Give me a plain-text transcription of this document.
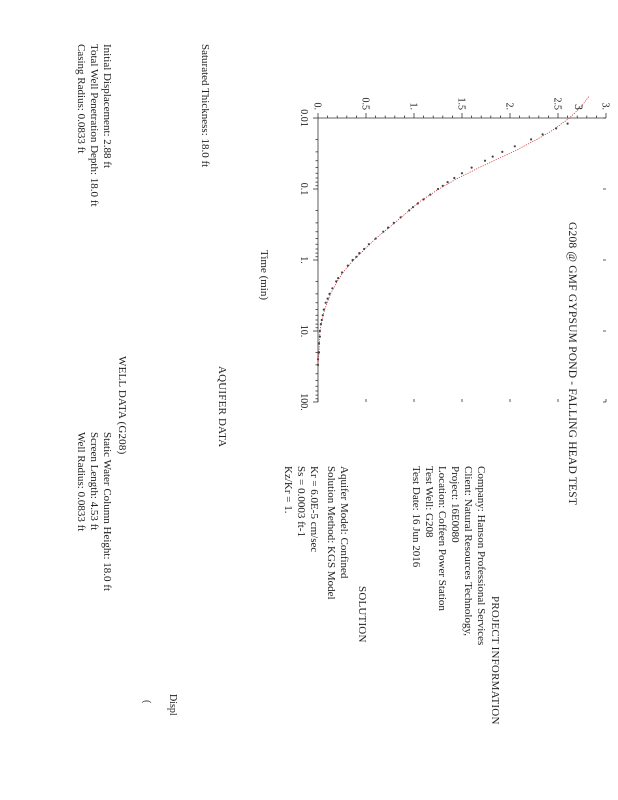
G208 @ GMF GYPSUM POND - FALLING HEAD TEST
3
0.01
0.1
1.
10.
100.
0.	0.5	1.	1.5	2.	2.5	3.
Time (min)
PROJECT INFORMATION
Company: Hanson Professional Services
Client: Natural Resources Technology,
Project: 16E0080
Location: Coffeen Power Station
Test Well: G208
Test Date: 16 Jun 2016
SOLUTION
Aquifer Model: Confined
Solution Method: KGS Model
Kr = 6.0E-5 cm/sec
Ss = 0.0003 ft-1
Kz/Kr = 1.
AQUIFER DATA
Saturated Thickness: 18.0 ft
WELL DATA (G208)
Initial Displacement: 2.88 ft
Total Well Penetration Depth: 18.0 ft
Casing Radius: 0.0833 ft
Static Water Column Height: 18.0 ft
Screen Length: 4.53 ft
Well Radius: 0.0833 ft
Displ
(
